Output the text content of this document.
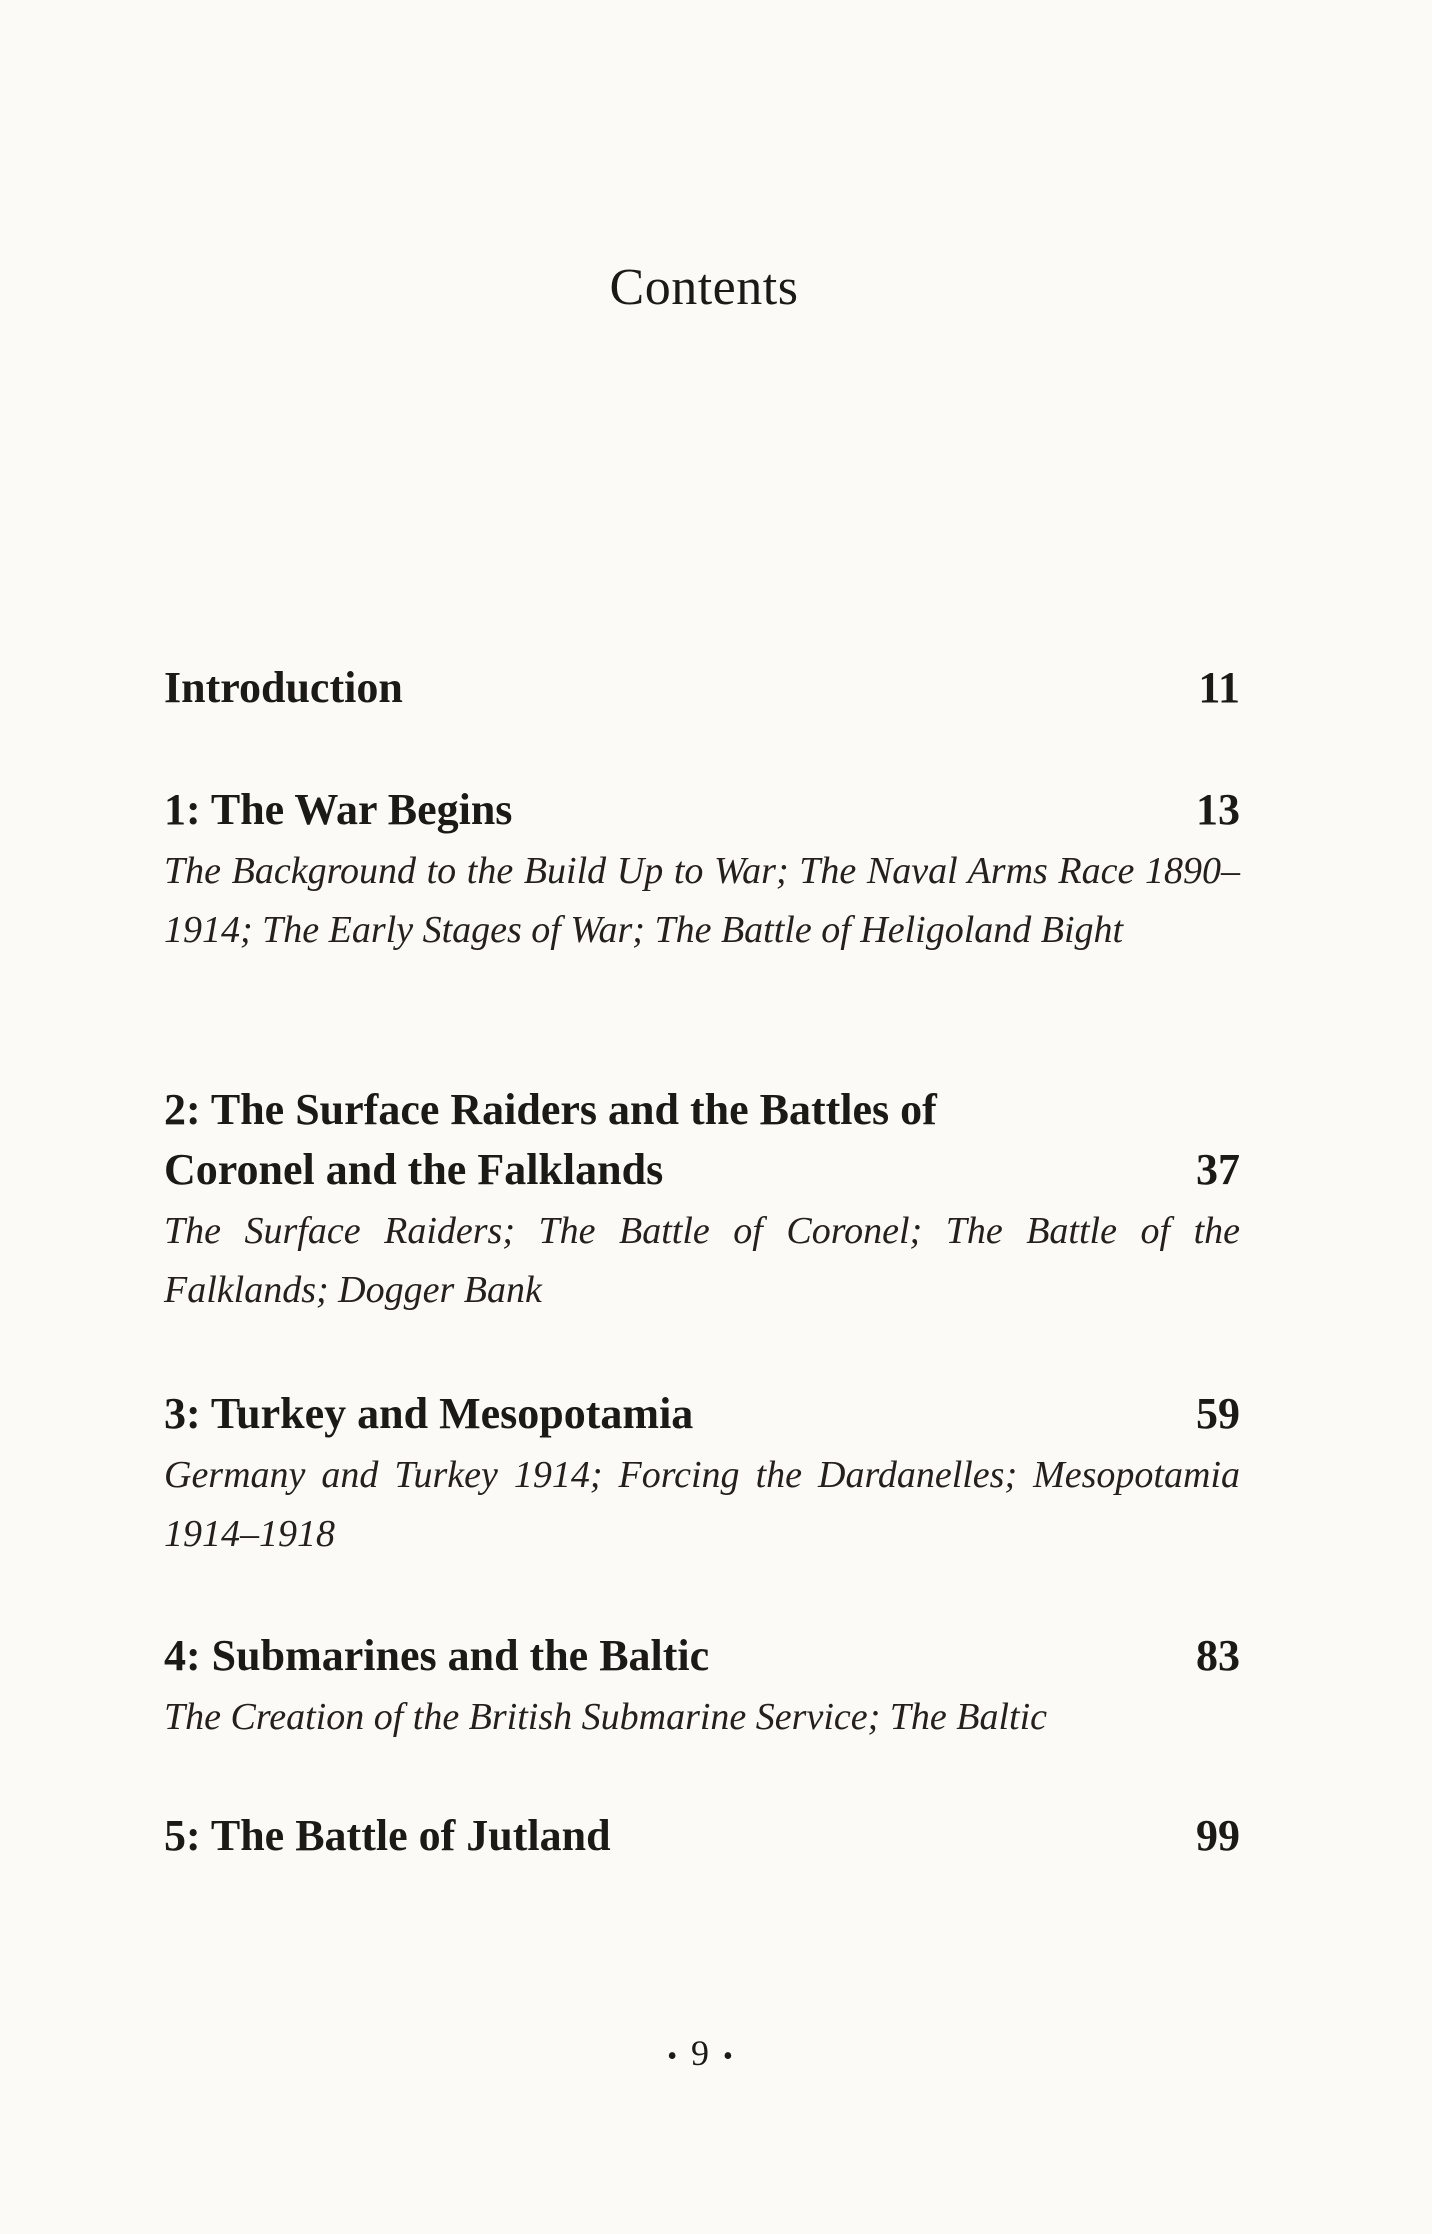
Contents
Introduction	11
1: The War Begins	13
The Background to the Build Up to War; The Naval Arms Race 1890–1914; The Early Stages of War; The Battle of Heligoland Bight
2: The Surface Raiders and the Battles of Coronel and the Falklands	37
The Surface Raiders; The Battle of Coronel; The Battle of the Falklands; Dogger Bank
3: Turkey and Mesopotamia	59
Germany and Turkey 1914; Forcing the Dardanelles; Mesopotamia 1914–1918
4: Submarines and the Baltic	83
The Creation of the British Submarine Service; The Baltic
5: The Battle of Jutland	99
• 9 •
